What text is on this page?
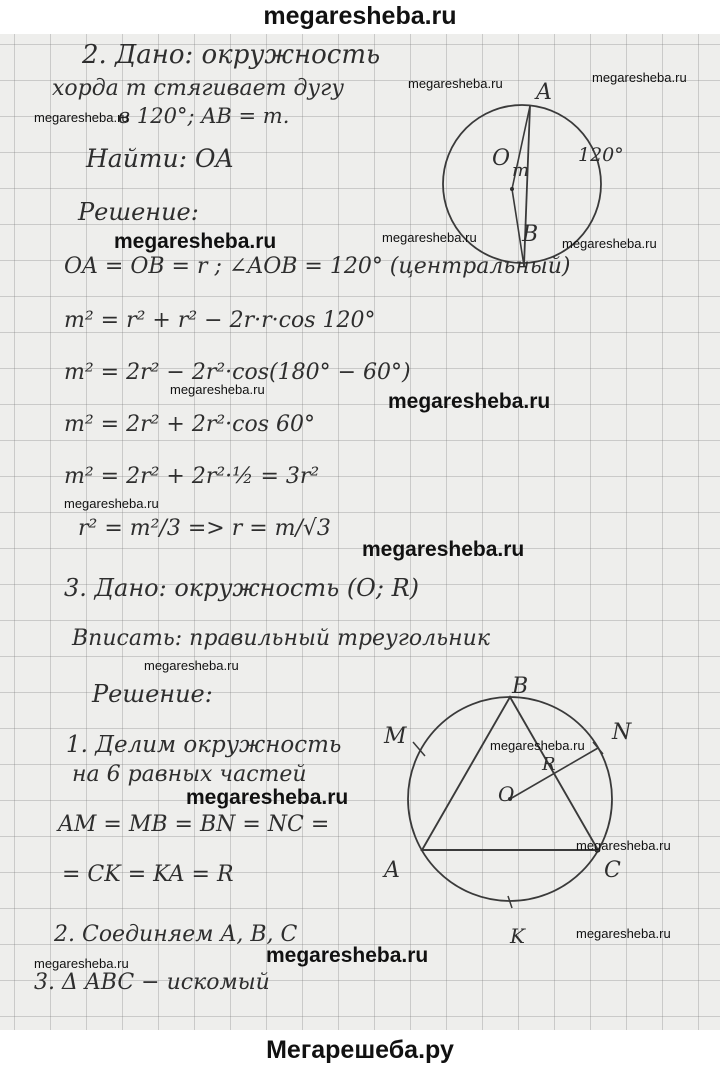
megaresheba.ru
2. Дано: окружность
хорда m стягивает дугу
в 120°; AB = m.
Найти: OA
A
B
O m
120°
Решение:
OA = OB = r ; ∠AOB = 120° (центральный)
m² = r² + r² − 2r·r·cos 120°
m² = 2r² − 2r²·cos(180° − 60°)
m² = 2r² + 2r²·cos 60°
m² = 2r² + 2r²·½ = 3r²
r² = m²/3 => r = m/√3
3. Дано: окружность (O; R)
Вписать: правильный треугольник
Решение:
1. Делим окружность
на 6 равных частей
AM = MB = BN = NC =
= CK = KA = R
2. Соединяем A, B, C
3. Δ ABC − искомый
B
A	C
M	N
K
O
R
megaresheba.ru	megaresheba.ru
megaresheba.ru
megaresheba.ru	megaresheba.ru	megaresheba.ru
megaresheba.ru
megaresheba.ru
megaresheba.ru
megaresheba.ru
megaresheba.ru
megaresheba.ru
megaresheba.ru
megaresheba.ru
megaresheba.ru
megaresheba.ru
megaresheba.ru
Мегарешеба.ру
